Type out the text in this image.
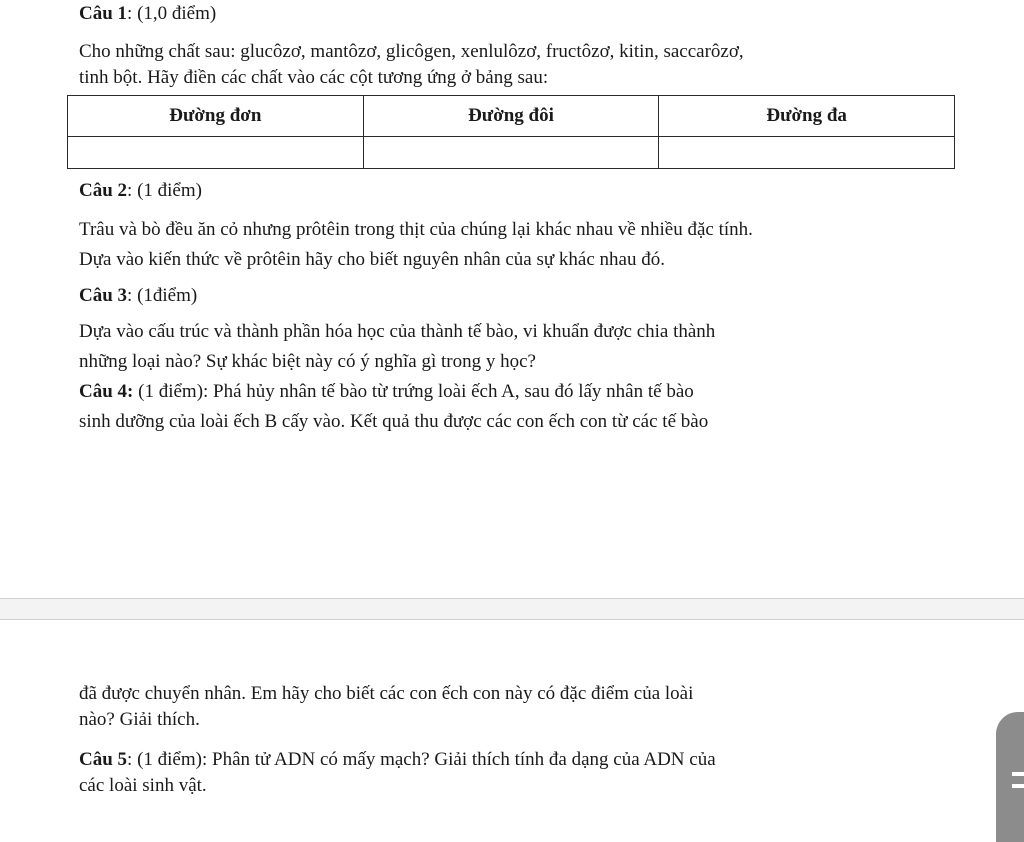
Câu 1: (1,0 điểm)
Cho những chất sau: glucôzơ, mantôzơ, glicôgen, xenlulôzơ, fructôzơ, kitin, saccarôzơ,
tinh bột. Hãy điền các chất vào các cột tương ứng ở bảng sau:
Đường đơn	Đường đôi	Đường đa

Câu 2: (1 điểm)
Trâu và bò đều ăn cỏ nhưng prôtêin trong thịt của chúng lại khác nhau về nhiều đặc tính.
Dựa vào kiến thức về prôtêin hãy cho biết nguyên nhân của sự khác nhau đó.
Câu 3: (1điểm)
Dựa vào cấu trúc và thành phần hóa học của thành tế bào, vi khuẩn được chia thành
những loại nào? Sự khác biệt này có ý nghĩa gì trong y học?
Câu 4: (1 điểm): Phá hủy nhân tế bào từ trứng loài ếch A, sau đó lấy nhân tế bào
sinh dưỡng của loài ếch B cấy vào. Kết quả thu được các con ếch con từ các tế bào
đã được chuyển nhân. Em hãy cho biết các con ếch con này có đặc điểm của loài
nào? Giải thích.
Câu 5: (1 điểm): Phân tử ADN có mấy mạch? Giải thích tính đa dạng của ADN của
các loài sinh vật.
